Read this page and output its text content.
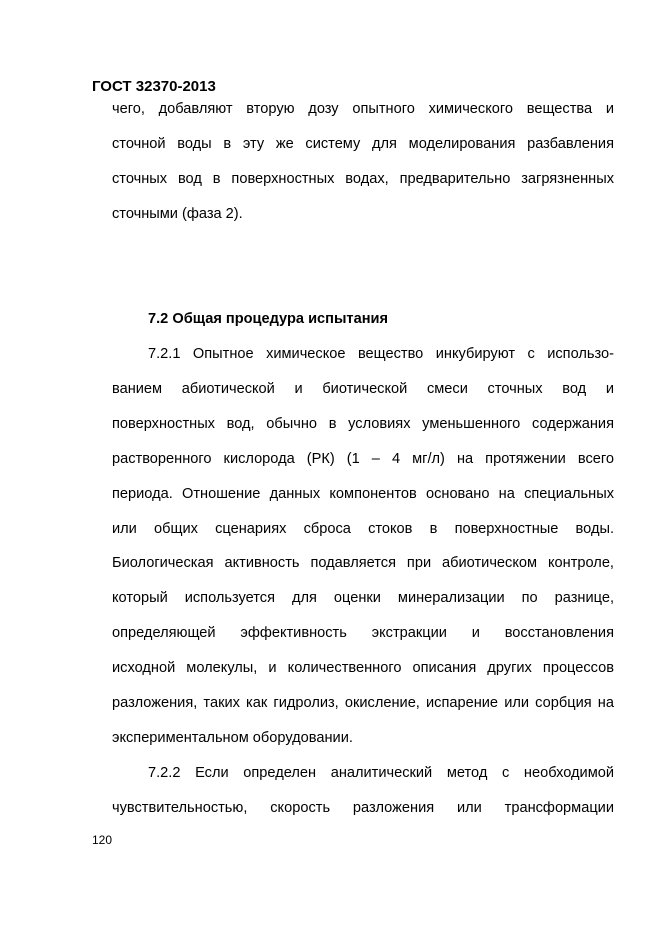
ГОСТ 32370-2013
чего, добавляют вторую дозу опытного химического вещества и
сточной воды в эту же систему для моделирования разбавления
сточных вод в поверхностных водах, предварительно загрязненных
сточными (фаза 2).
7.2 Общая процедура испытания
7.2.1 Опытное химическое вещество инкубируют с использо-
ванием абиотической и биотической смеси сточных вод и
поверхностных вод, обычно в условиях уменьшенного содержания
растворенного кислорода (РК) (1 – 4 мг/л) на протяжении всего
периода. Отношение данных компонентов основано на специальных
или общих сценариях сброса стоков в поверхностные воды.
Биологическая активность подавляется при абиотическом контроле,
который используется для оценки минерализации по разнице,
определяющей эффективность экстракции и восстановления
исходной молекулы, и количественного описания других процессов
разложения, таких как гидролиз, окисление, испарение или сорбция на
экспериментальном оборудовании.
7.2.2 Если определен аналитический метод с необходимой
чувствительностью, скорость разложения или трансформации
120
